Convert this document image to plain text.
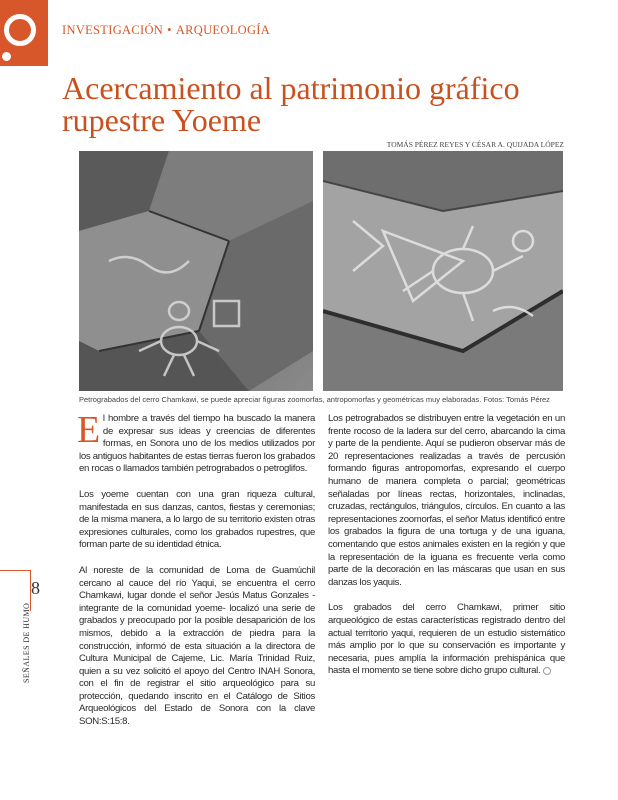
INVESTIGACIÓN • ARQUEOLOGÍA
Acercamiento al patrimonio gráfico rupestre Yoeme
TOMÁS PÉREZ REYES Y CÉSAR A. QUIJADA LÓPEZ
Petrograbados del cerro Chamkawi, se puede apreciar figuras zoomorfas, antropomorfas y geométricas muy elaboradas. Fotos: Tomás Pérez

El hombre a través del tiempo ha buscado la manera de expresar sus ideas y creencias de diferentes formas, en Sonora uno de los medios utilizados por los antiguos habitantes de estas tierras fueron los grabados en rocas o llamados también petrograbados o petroglifos.

Los yoeme cuentan con una gran riqueza cultural, manifestada en sus danzas, cantos, fiestas y ceremonias; de la misma manera, a lo largo de su territorio existen otras expresiones culturales, como los grabados rupestres, que forman parte de su identidad étnica.

Al noreste de la comunidad de Loma de Guamúchil cercano al cauce del río Yaqui, se encuentra el cerro Chamkawi, lugar donde el señor Jesús Matus Gonzales - integrante de la comunidad yoeme- localizó una serie de grabados y preocupado por la posible desaparición de los mismos, debido a la extracción de piedra para la construcción, informó de esta situación a la directora de Cultura Municipal de Cajeme, Lic. María Trinidad Ruiz, quien a su vez solicitó el apoyo del Centro INAH Sonora, con el fin de registrar el sitio arqueológico para su protección, quedando inscrito en el Catálogo de Sitios Arqueológicos del Estado de Sonora con la clave SON:S:15:8.

Los petrograbados se distribuyen entre la vegetación en un frente rocoso de la ladera sur del cerro, abarcando la cima y parte de la pendiente. Aquí se pudieron observar más de 20 representaciones realizadas a través de percusión formando figuras antropomorfas, expresando el cuerpo humano de manera completa o parcial; geométricas señaladas por líneas rectas, horizontales, inclinadas, cruzadas, rectángulos, triángulos, círculos. En cuanto a las representaciones zoomorfas, el señor Matus identificó entre los grabados la figura de una tortuga y de una iguana, comentando que estos animales existen en la región y que la representación de la iguana es frecuente verla como parte de la decoración en las máscaras que usan en sus danzas los yaquis.

Los grabados del cerro Chamkawi, primer sitio arqueológico de estas características registrado dentro del actual territorio yaqui, requieren de un estudio sistemático más amplio por lo que su conservación es importante y necesaria, pues amplía la información prehispánica que hasta el momento se tiene sobre dicho grupo cultural.

8
SEÑALES DE HUMO
